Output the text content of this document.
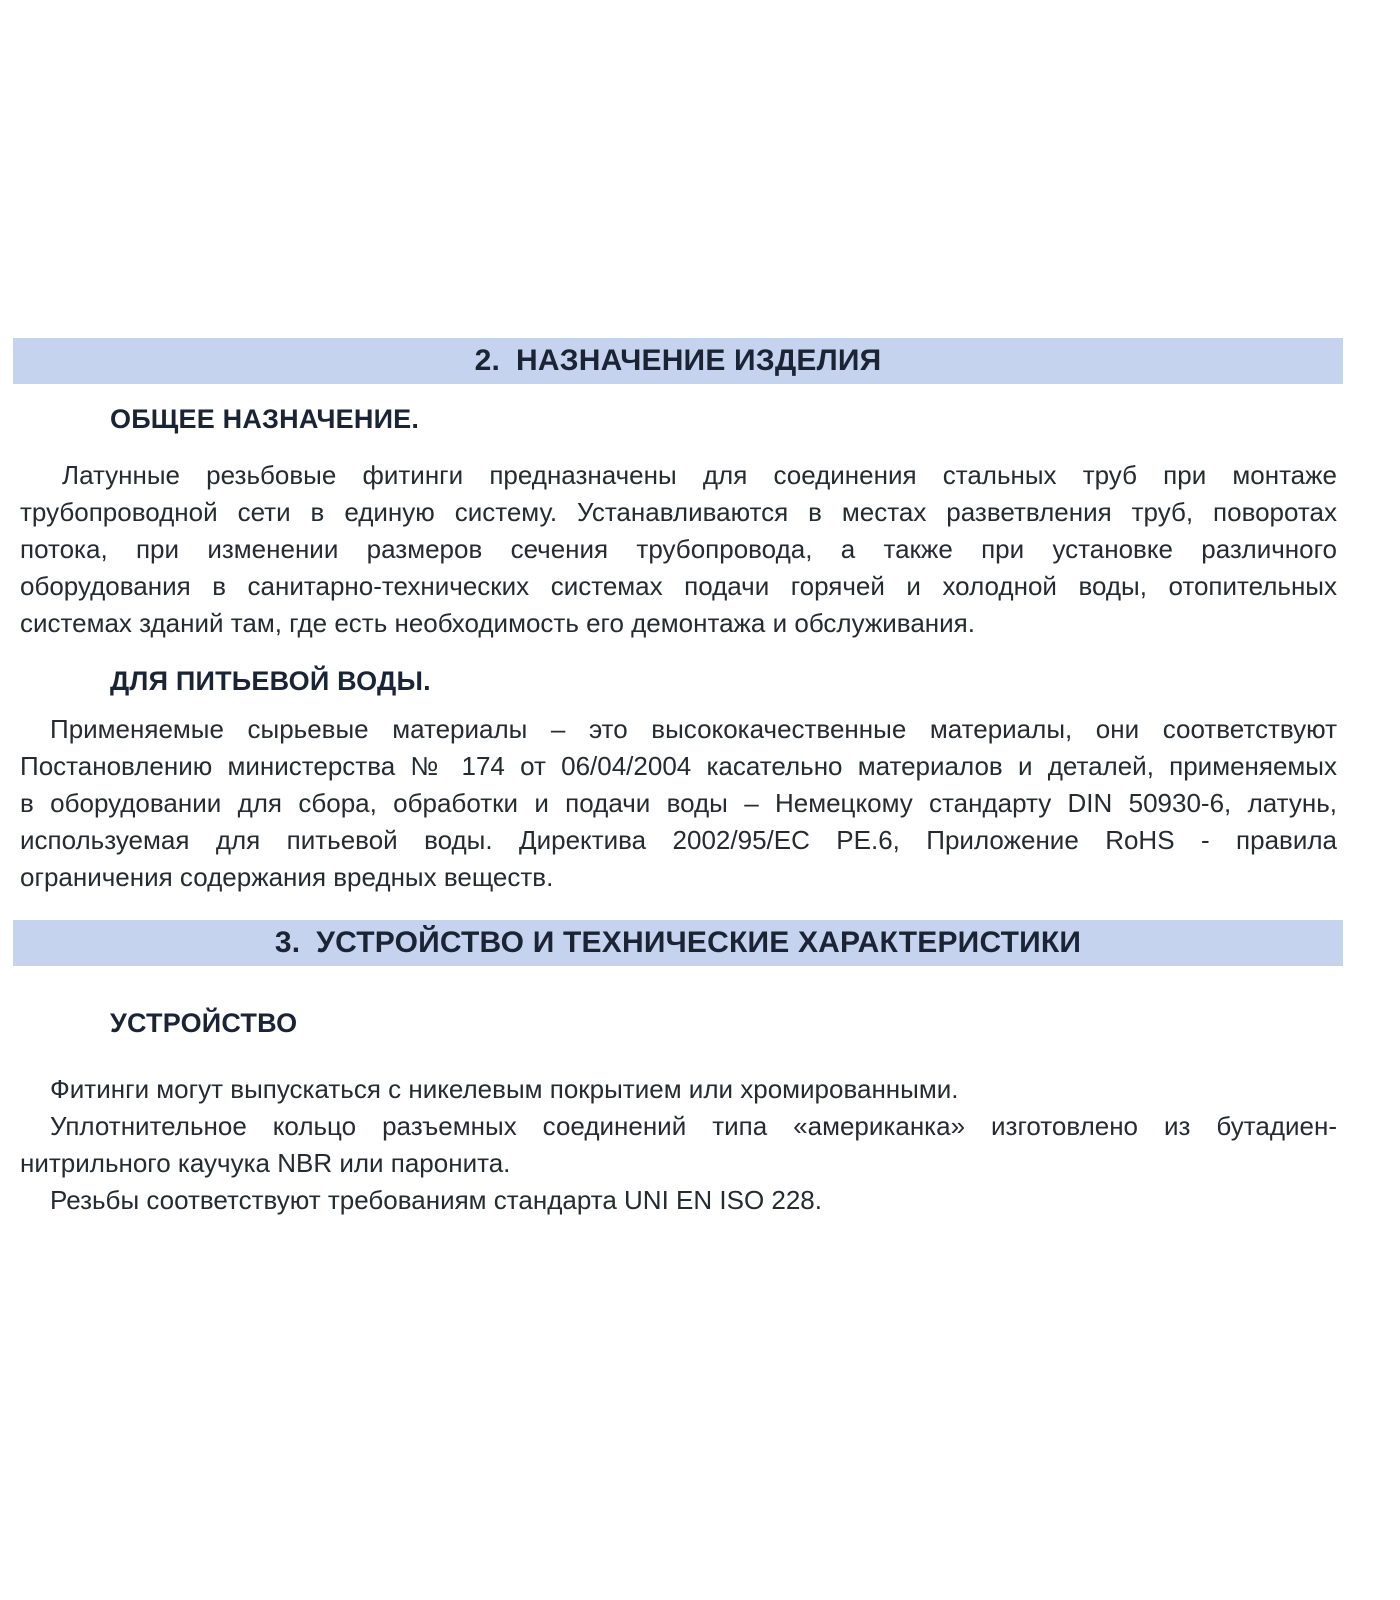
2. НАЗНАЧЕНИЕ ИЗДЕЛИЯ
ОБЩЕЕ НАЗНАЧЕНИЕ.
Латунные резьбовые фитинги предназначены для соединения стальных труб при монтаже
трубопроводной сети в единую систему. Устанавливаются в местах разветвления труб, поворотах
потока, при изменении размеров сечения трубопровода, а также при установке различного
оборудования в санитарно-технических системах подачи горячей и холодной воды, отопительных
системах зданий там, где есть необходимость его демонтажа и обслуживания.
ДЛЯ ПИТЬЕВОЙ ВОДЫ.
Применяемые сырьевые материалы – это высококачественные материалы, они соответствуют
Постановлению министерства № 174 от 06/04/2004 касательно материалов и деталей, применяемых
в оборудовании для сбора, обработки и подачи воды – Немецкому стандарту DIN 50930-6, латунь,
используемая для питьевой воды. Директива 2002/95/ЕС РЕ.6, Приложение RoHS - правила
ограничения содержания вредных веществ.
3. УСТРОЙСТВО И ТЕХНИЧЕСКИЕ ХАРАКТЕРИСТИКИ
УСТРОЙСТВО
Фитинги могут выпускаться с никелевым покрытием или хромированными.
Уплотнительное кольцо разъемных соединений типа «американка» изготовлено из бутадиен-
нитрильного каучука NBR или паронита.
Резьбы соответствуют требованиям стандарта UNI EN ISO 228.
